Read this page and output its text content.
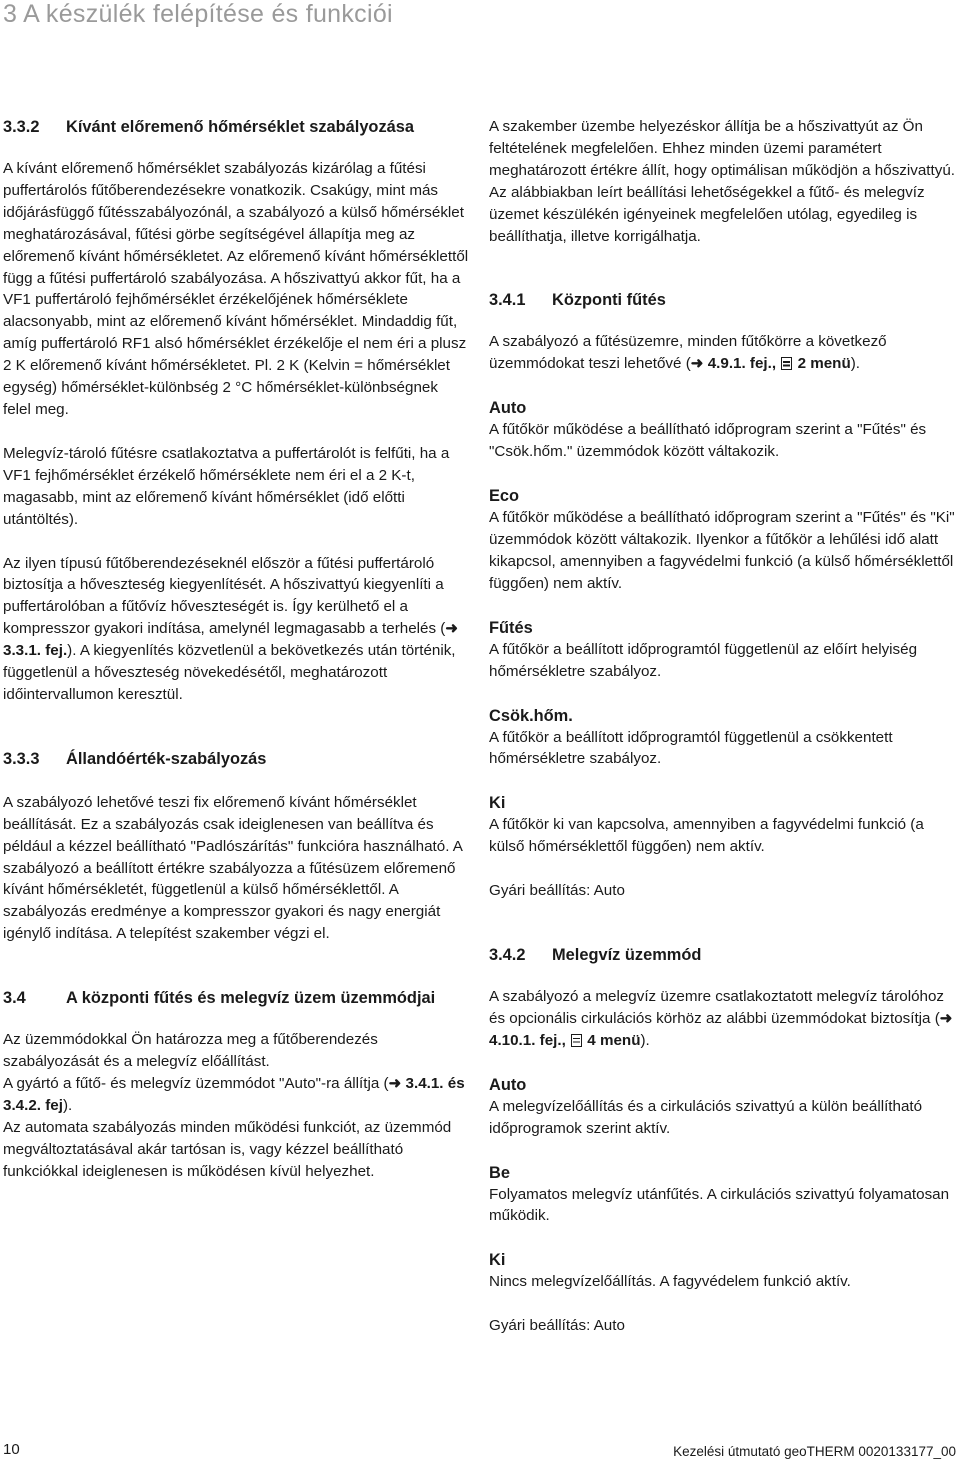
3 A készülék felépítése és funkciói
3.3.2	Kívánt előremenő hőmérséklet szabályozása

A kívánt előremenő hőmérséklet szabályozás kizárólag a fűtési puffertárolós fűtőberendezésekre vonatkozik. Csakúgy, mint más időjárásfüggő fűtésszabályozónál, a szabályozó a külső hőmérséklet meghatározásával, fűtési görbe segítségével állapítja meg az előremenő kívánt hőmérsékletet. Az előremenő kívánt hőmérséklettől függ a fűtési puffertároló szabályozása. A hőszivattyú akkor fűt, ha a VF1 puffertároló fejhőmérséklet érzékelőjének hőmérséklete alacsonyabb, mint az előremenő kívánt hőmérséklet. Mindaddig fűt, amíg puffertároló RF1 alsó hőmérséklet érzékelője el nem éri a plusz 2 K előremenő kívánt hőmérsékletet. Pl. 2 K (Kelvin = hőmérséklet egység) hőmérséklet-különbség 2 °C hőmérséklet-különbségnek felel meg.

Melegvíz-tároló fűtésre csatlakoztatva a puffertárolót is felfűti, ha a VF1 fejhőmérséklet érzékelő hőmérséklete nem éri el a 2 K-t, magasabb, mint az előremenő kívánt hőmérséklet (idő előtti utántöltés).

Az ilyen típusú fűtőberendezéseknél először a fűtési puffertároló biztosítja a hőveszteség kiegyenlítését. A hőszivattyú kiegyenlíti a puffertárolóban a fűtővíz hőveszteségét is. Így kerülhető el a kompresszor gyakori indítása, amelynél legmagasabb a terhelés (➜ 3.3.1. fej.). A kiegyenlítés közvetlenül a bekövetkezés után történik, függetlenül a hőveszteség növekedésétől, meghatározott időintervallumon keresztül.

3.3.3	Állandóérték-szabályozás

A szabályozó lehetővé teszi fix előremenő kívánt hőmérséklet beállítását. Ez a szabályozás csak ideiglenesen van beállítva és például a kézzel beállítható "Padlószárítás" funkcióra használható. A szabályozó a beállított értékre szabályozza a fűtésüzem előremenő kívánt hőmérsékletét, függetlenül a külső hőmérséklettől. A szabályozás eredménye a kompresszor gyakori és nagy energiát igénylő indítása. A telepítést szakember végzi el.

3.4	A központi fűtés és melegvíz üzem üzemmódjai

Az üzemmódokkal Ön határozza meg a fűtőberendezés szabályozását és a melegvíz előállítást.

A gyártó a fűtő- és melegvíz üzemmódot "Auto"-ra állítja (➜ 3.4.1. és 3.4.2. fej).

Az automata szabályozás minden működési funkciót, az üzemmód megváltoztatásával akár tartósan is, vagy kézzel beállítható funkciókkal ideiglenesen is működésen kívül helyezhet.

A szakember üzembe helyezéskor állítja be a hőszivattyút az Ön feltételének megfelelően. Ehhez minden üzemi paramétert meghatározott értékre állít, hogy optimálisan működjön a hőszivattyú. Az alábbiakban leírt beállítási lehetőségekkel a fűtő- és melegvíz üzemet készülékén igényeinek megfelelően utólag, egyedileg is beállíthatja, illetve korrigálhatja.

3.4.1	Központi fűtés

A szabályozó a fűtésüzemre, minden fűtőkörre a következő üzemmódokat teszi lehetővé (➜ 4.9.1. fej., 2 menü).

Auto

A fűtőkör működése a beállítható időprogram szerint a "Fűtés" és "Csök.hőm." üzemmódok között váltakozik.

Eco

A fűtőkör működése a beállítható időprogram szerint a "Fűtés" és "Ki" üzemmódok között váltakozik. Ilyenkor a fűtőkör a lehűlési idő alatt kikapcsol, amennyiben a fagyvédelmi funkció (a külső hőmérséklettől függően) nem aktív.

Fűtés

A fűtőkör a beállított időprogramtól függetlenül az előírt helyiség hőmérsékletre szabályoz.

Csök.hőm.

A fűtőkör a beállított időprogramtól függetlenül a csökkentett hőmérsékletre szabályoz.

Ki

A fűtőkör ki van kapcsolva, amennyiben a fagyvédelmi funkció (a külső hőmérséklettől függően) nem aktív.

Gyári beállítás: Auto

3.4.2	Melegvíz üzemmód

A szabályozó a melegvíz üzemre csatlakoztatott melegvíz tárolóhoz és opcionális cirkulációs körhöz az alábbi üzemmódokat biztosítja (➜ 4.10.1. fej., 4 menü).

Auto

A melegvízelőállítás és a cirkulációs szivattyú a külön beállítható időprogramok szerint aktív.

Be

Folyamatos melegvíz utánfűtés. A cirkulációs szivattyú folyamatosan működik.

Ki

Nincs melegvízelőállítás. A fagyvédelem funkció aktív.

Gyári beállítás: Auto

10	Kezelési útmutató geoTHERM 0020133177_00
